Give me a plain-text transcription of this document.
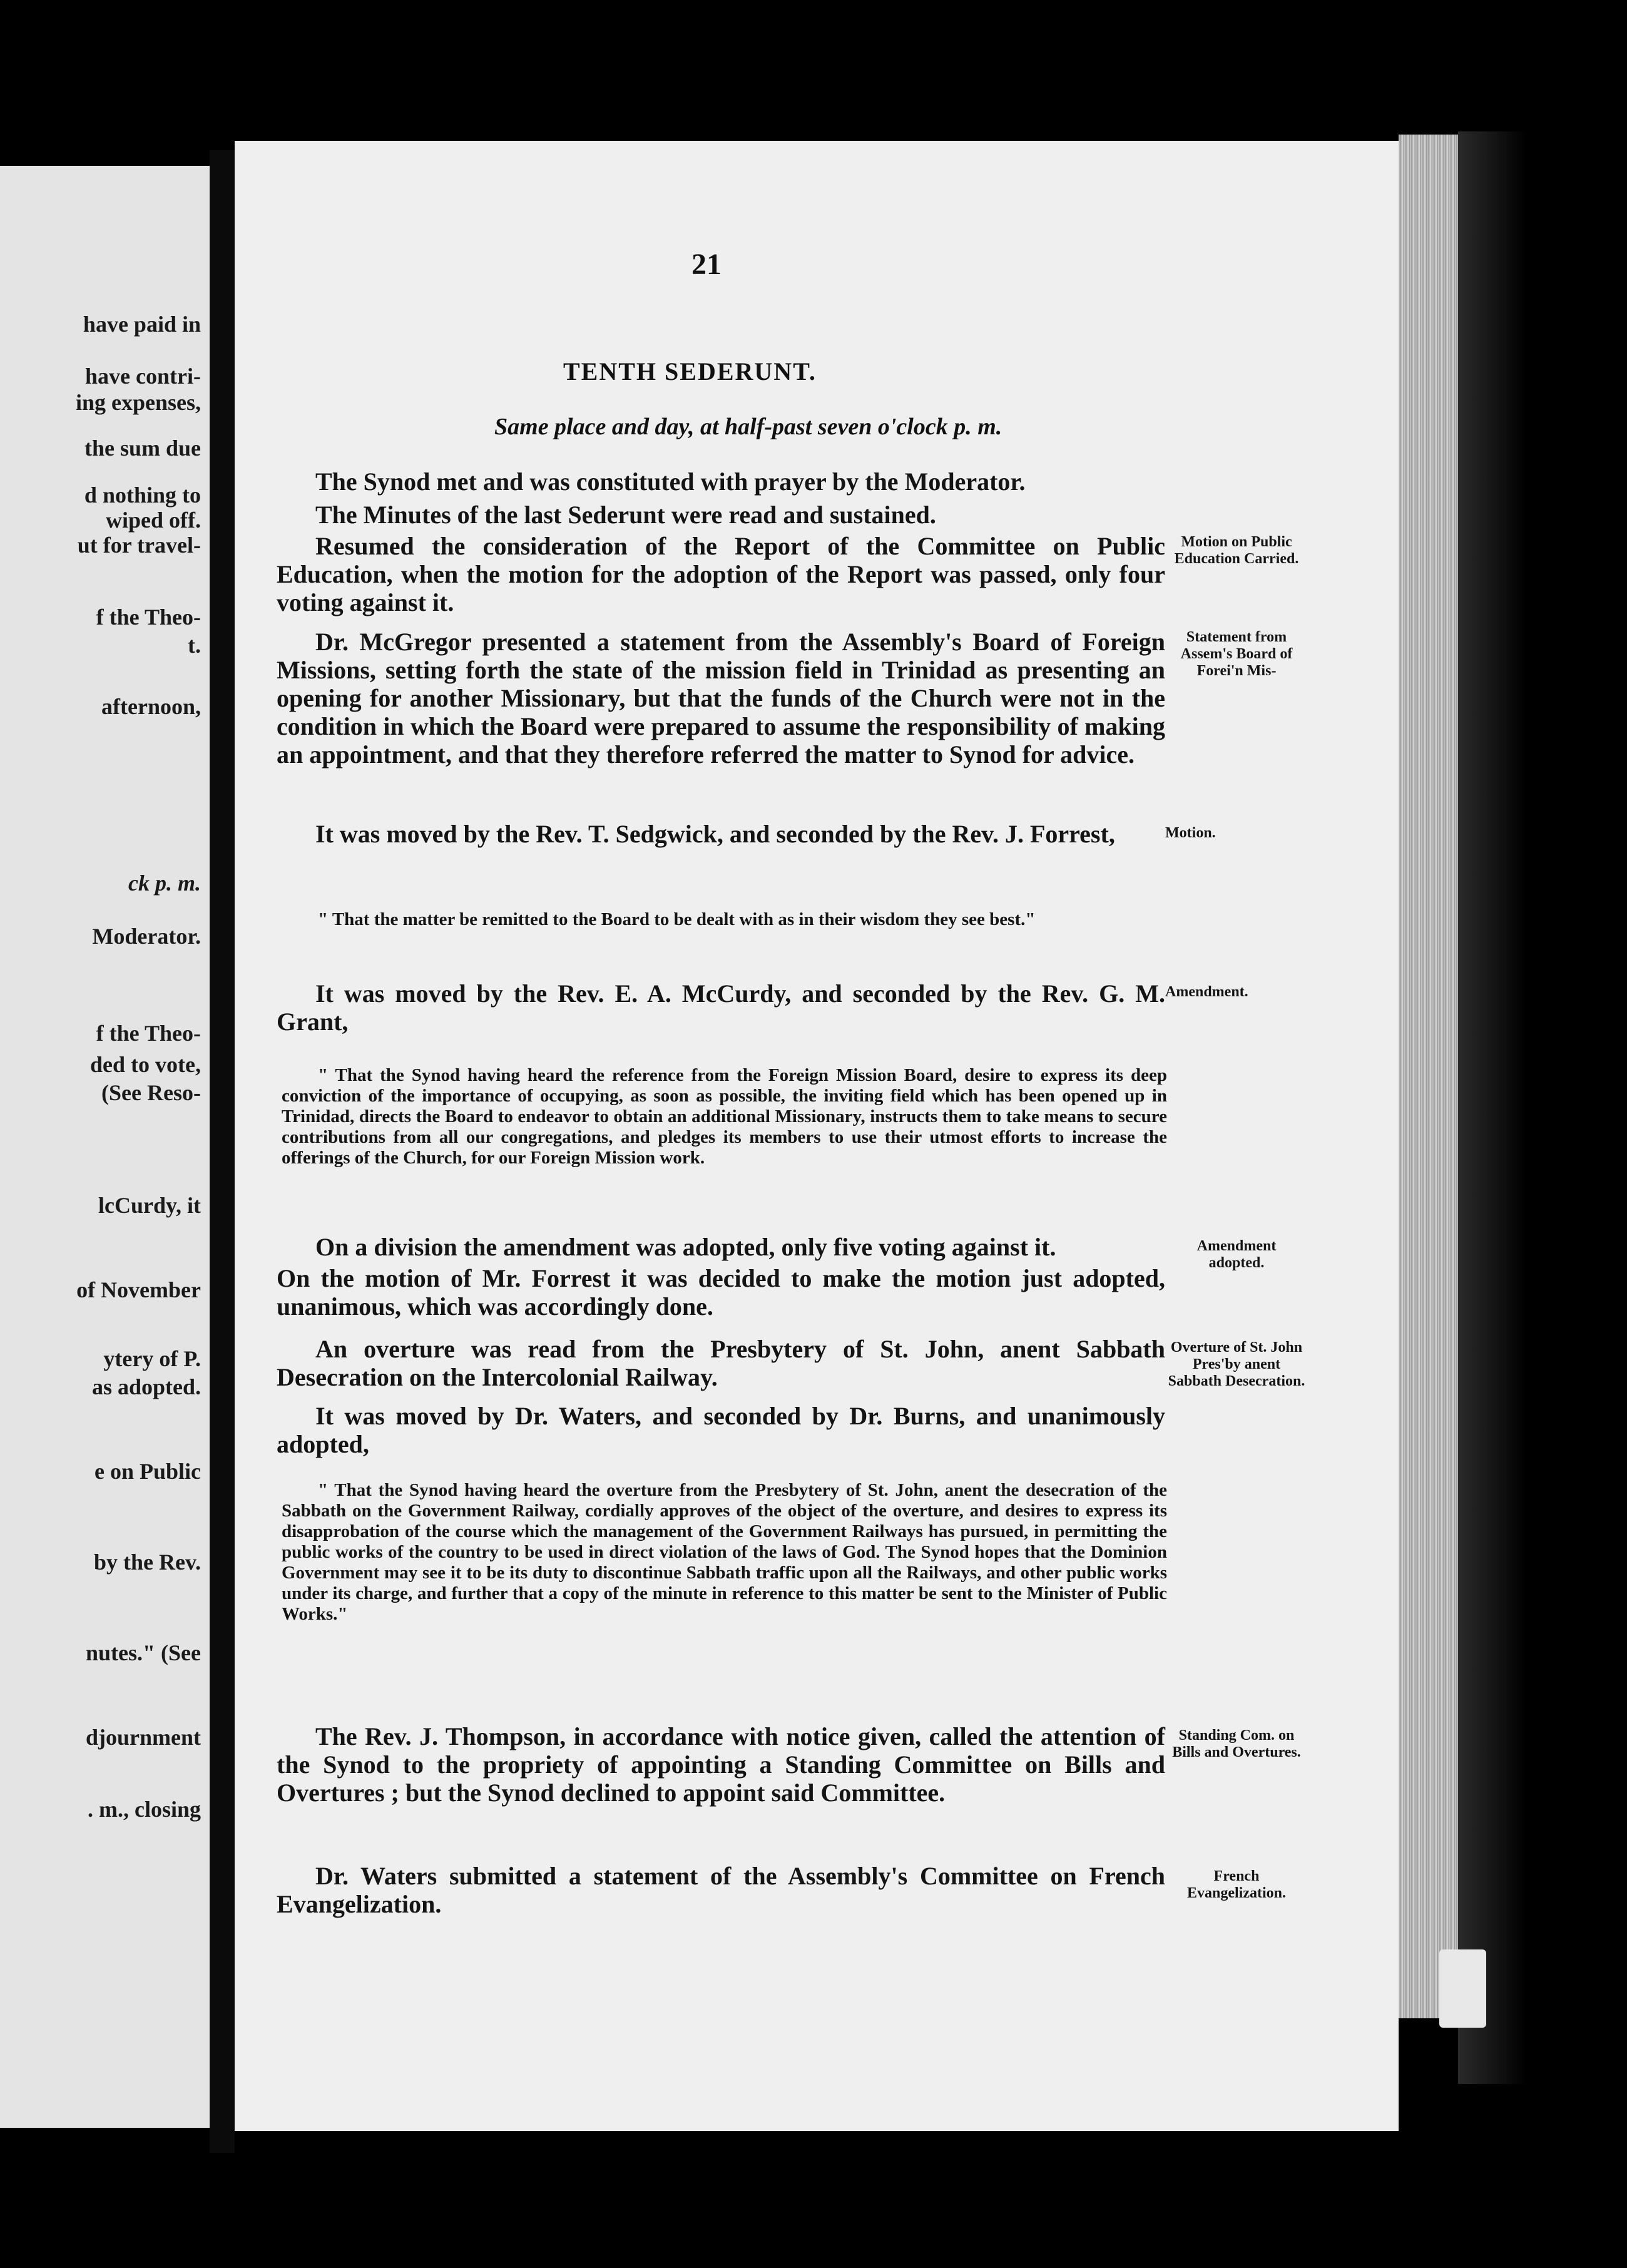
have paid in
have contri-
ing expenses,
the sum due
d nothing to
wiped off.
ut for travel-
f the Theo-
t.
afternoon,
ck p. m.
Moderator.
f the Theo-
ded to vote,
(See Reso-
lcCurdy, it
of November
ytery of P.
as adopted.
e on Public
by the Rev.
nutes." (See
djournment
. m., closing
21
TENTH SEDERUNT.
Same place and day, at half-past seven o'clock p. m.

The Synod met and was constituted with prayer by the Moderator.

The Minutes of the last Sederunt were read and sustained.

Resumed the consideration of the Report of the Committee on Public Education, when the motion for the adoption of the Report was passed, only four voting against it.

Dr. McGregor presented a statement from the Assembly's Board of Foreign Missions, setting forth the state of the mission field in Trinidad as presenting an opening for another Missionary, but that the funds of the Church were not in the condition in which the Board were prepared to assume the responsibility of making an appointment, and that they therefore referred the matter to Synod for advice.

It was moved by the Rev. T. Sedgwick, and seconded by the Rev. J. Forrest,

" That the matter be remitted to the Board to be dealt with as in their wisdom they see best."

It was moved by the Rev. E. A. McCurdy, and seconded by the Rev. G. M. Grant,

" That the Synod having heard the reference from the Foreign Mission Board, desire to express its deep conviction of the importance of occupying, as soon as possible, the inviting field which has been opened up in Trinidad, directs the Board to endeavor to obtain an additional Missionary, instructs them to take means to secure contributions from all our congregations, and pledges its members to use their utmost efforts to increase the offerings of the Church, for our Foreign Mission work.

On a division the amendment was adopted, only five voting against it.

On the motion of Mr. Forrest it was decided to make the motion just adopted, unanimous, which was accordingly done.

An overture was read from the Presbytery of St. John, anent Sabbath Desecration on the Intercolonial Railway.

It was moved by Dr. Waters, and seconded by Dr. Burns, and unanimously adopted,

" That the Synod having heard the overture from the Presbytery of St. John, anent the desecration of the Sabbath on the Government Railway, cordially approves of the object of the overture, and desires to express its disapprobation of the course which the management of the Government Railways has pursued, in permitting the public works of the country to be used in direct violation of the laws of God. The Synod hopes that the Dominion Government may see it to be its duty to discontinue Sabbath traffic upon all the Railways, and other public works under its charge, and further that a copy of the minute in reference to this matter be sent to the Minister of Public Works."

The Rev. J. Thompson, in accordance with notice given, called the attention of the Synod to the propriety of appointing a Standing Committee on Bills and Overtures ; but the Synod declined to appoint said Committee.

Dr. Waters submitted a statement of the Assembly's Committee on French Evangelization.

Motion on Public Education Carried.
Statement from Assem's Board of Forei'n Mis-
Motion.
Amendment.
Amendment adopted.
Overture of St. John Pres'by anent Sabbath Desecration.
Standing Com. on Bills and Overtures.
French Evangelization.
